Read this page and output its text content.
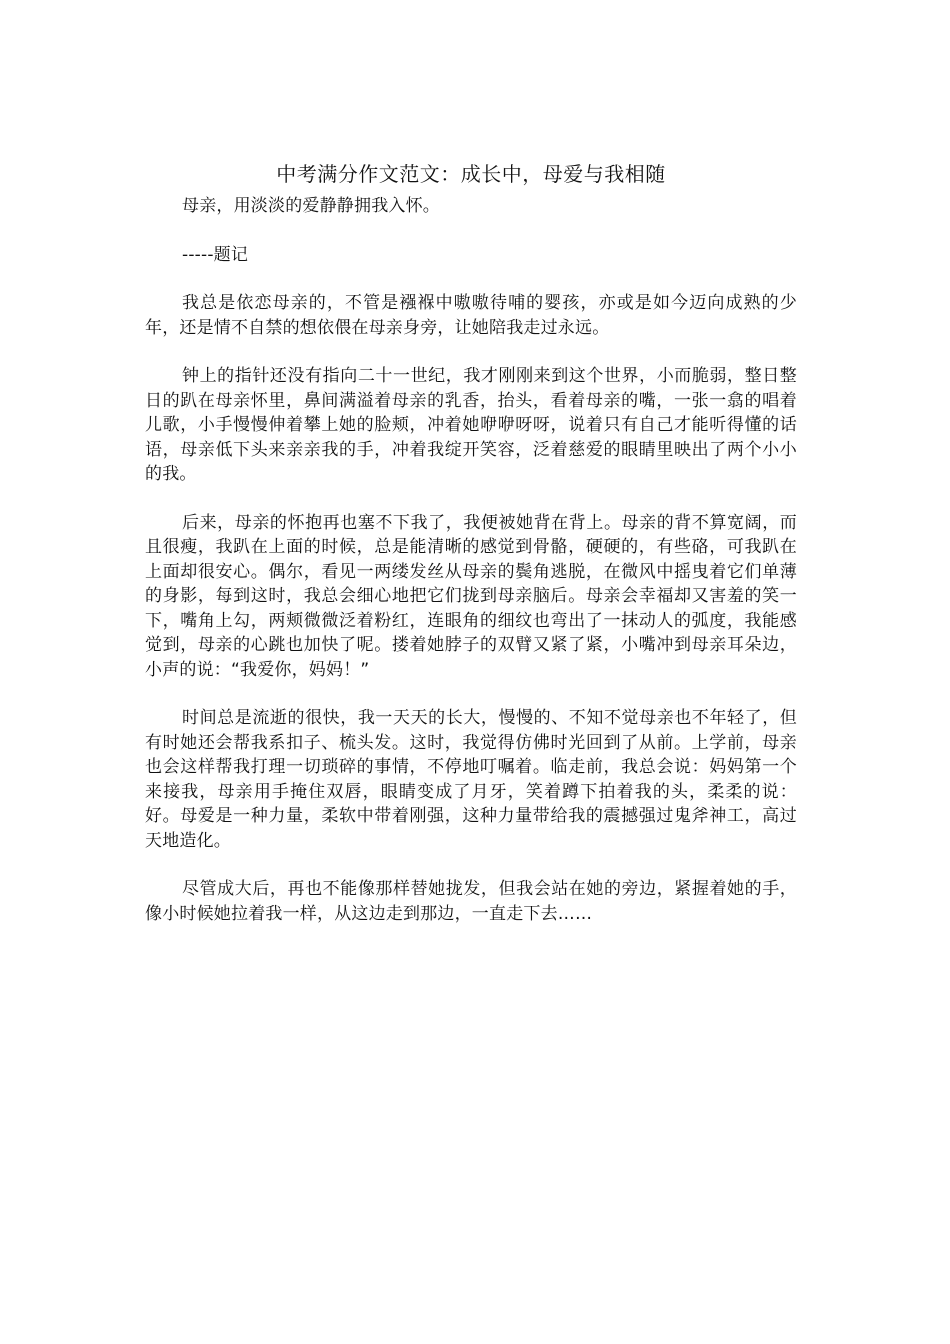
中考满分作文范文：成长中，母爱与我相随

母亲，用淡淡的爱静静拥我入怀。

-----题记

我总是依恋母亲的，不管是襁褓中嗷嗷待哺的婴孩，亦或是如今迈向成熟的少年，还是情不自禁的想依偎在母亲身旁，让她陪我走过永远。

钟上的指针还没有指向二十一世纪，我才刚刚来到这个世界，小而脆弱，整日整日的趴在母亲怀里，鼻间满溢着母亲的乳香，抬头，看着母亲的嘴，一张一翕的唱着儿歌，小手慢慢伸着攀上她的脸颊，冲着她咿咿呀呀，说着只有自己才能听得懂的话语，母亲低下头来亲亲我的手，冲着我绽开笑容，泛着慈爱的眼睛里映出了两个小小的我。

后来，母亲的怀抱再也塞不下我了，我便被她背在背上。母亲的背不算宽阔，而且很瘦，我趴在上面的时候，总是能清晰的感觉到骨骼，硬硬的，有些硌，可我趴在上面却很安心。偶尔，看见一两缕发丝从母亲的鬓角逃脱，在微风中摇曳着它们单薄的身影，每到这时，我总会细心地把它们拢到母亲脑后。母亲会幸福却又害羞的笑一下，嘴角上勾，两颊微微泛着粉红，连眼角的细纹也弯出了一抹动人的弧度，我能感觉到，母亲的心跳也加快了呢。搂着她脖子的双臂又紧了紧，小嘴冲到母亲耳朵边，小声的说：“我爱你，妈妈！”

时间总是流逝的很快，我一天天的长大，慢慢的、不知不觉母亲也不年轻了，但有时她还会帮我系扣子、梳头发。这时，我觉得仿佛时光回到了从前。上学前，母亲也会这样帮我打理一切琐碎的事情，不停地叮嘱着。临走前，我总会说：妈妈第一个来接我，母亲用手掩住双唇，眼睛变成了月牙，笑着蹲下拍着我的头，柔柔的说：好。母爱是一种力量，柔软中带着刚强，这种力量带给我的震撼强过鬼斧神工，高过天地造化。

尽管成大后，再也不能像那样替她拢发，但我会站在她的旁边，紧握着她的手，像小时候她拉着我一样，从这边走到那边，一直走下去……
